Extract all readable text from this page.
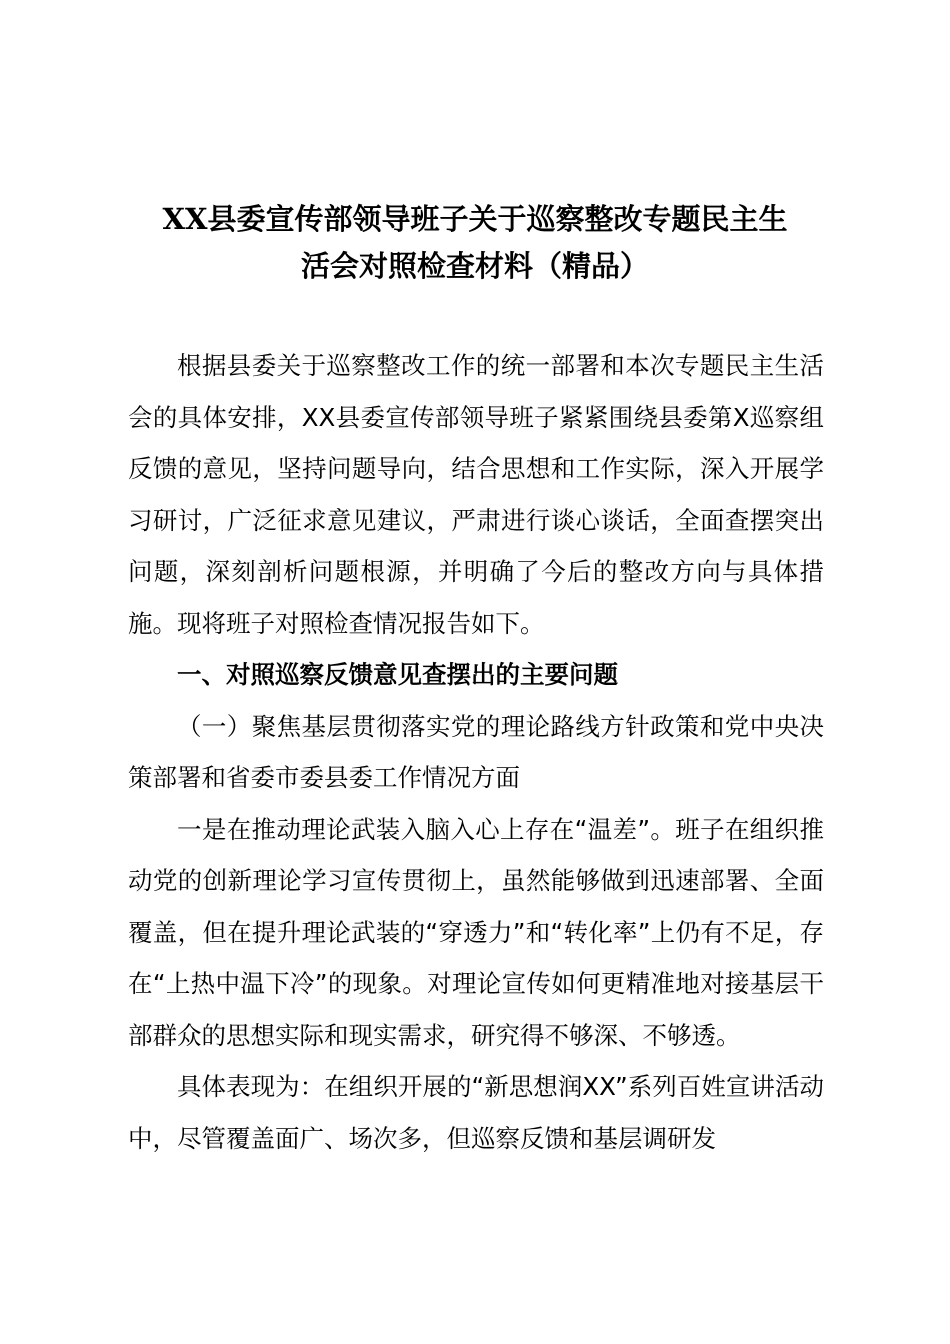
XX县委宣传部领导班子关于巡察整改专题民主生
活会对照检查材料（精品）

根据县委关于巡察整改工作的统一部署和本次专题民主生活会的具体安排，XX县委宣传部领导班子紧紧围绕县委第X巡察组反馈的意见，坚持问题导向，结合思想和工作实际，深入开展学习研讨，广泛征求意见建议，严肃进行谈心谈话，全面查摆突出问题，深刻剖析问题根源，并明确了今后的整改方向与具体措施。现将班子对照检查情况报告如下。

一、对照巡察反馈意见查摆出的主要问题

（一）聚焦基层贯彻落实党的理论路线方针政策和党中央决策部署和省委市委县委工作情况方面

一是在推动理论武装入脑入心上存在“温差”。班子在组织推动党的创新理论学习宣传贯彻上，虽然能够做到迅速部署、全面覆盖，但在提升理论武装的“穿透力”和“转化率”上仍有不足，存在“上热中温下冷”的现象。对理论宣传如何更精准地对接基层干部群众的思想实际和现实需求，研究得不够深、不够透。

具体表现为：在组织开展的“新思想润XX”系列百姓宣讲活动中，尽管覆盖面广、场次多，但巡察反馈和基层调研发
